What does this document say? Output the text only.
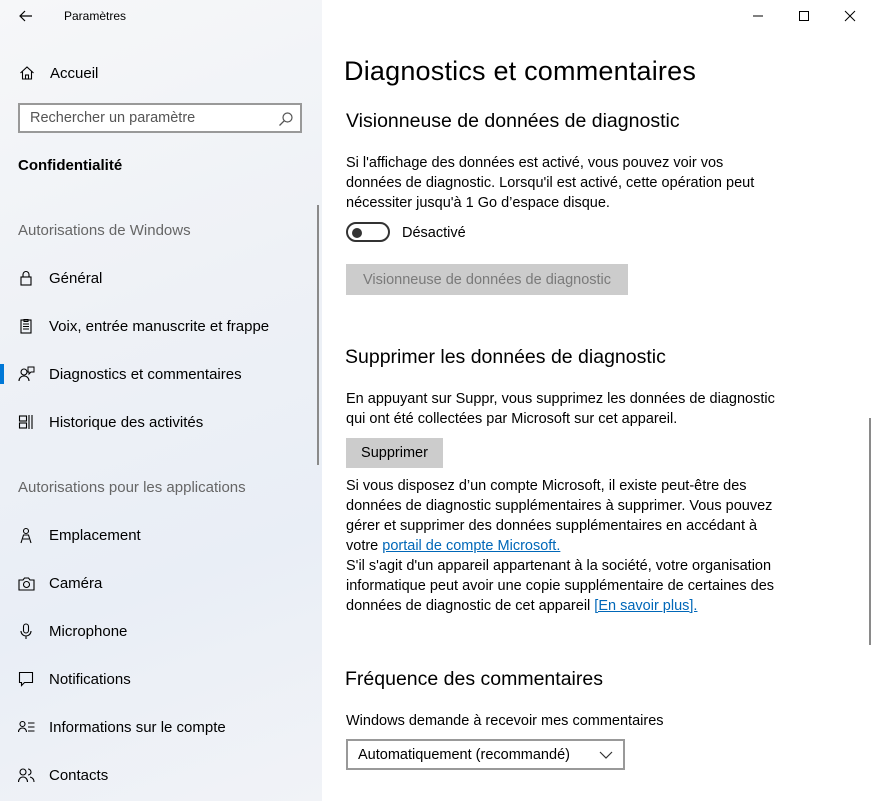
Paramètres
Accueil
Rechercher un paramètre
Confidentialité
Autorisations de Windows
Général
Voix, entrée manuscrite et frappe
Diagnostics et commentaires
Historique des activités
Autorisations pour les applications
Emplacement
Caméra
Microphone
Notifications
Informations sur le compte
Contacts
Diagnostics et commentaires
Visionneuse de données de diagnostic
Si l'affichage des données est activé, vous pouvez voir vos
données de diagnostic. Lorsqu'il est activé, cette opération peut
nécessiter jusqu'à 1 Go d’espace disque.
Désactivé
Visionneuse de données de diagnostic
Supprimer les données de diagnostic
En appuyant sur Suppr, vous supprimez les données de diagnostic
qui ont été collectées par Microsoft sur cet appareil.
Supprimer
Si vous disposez d’un compte Microsoft, il existe peut-être des
données de diagnostic supplémentaires à supprimer. Vous pouvez
gérer et supprimer des données supplémentaires en accédant à
votre portail de compte Microsoft.
S'il s'agit d'un appareil appartenant à la société, votre organisation
informatique peut avoir une copie supplémentaire de certaines des
données de diagnostic de cet appareil [En savoir plus].
Fréquence des commentaires
Windows demande à recevoir mes commentaires
Automatiquement (recommandé)
